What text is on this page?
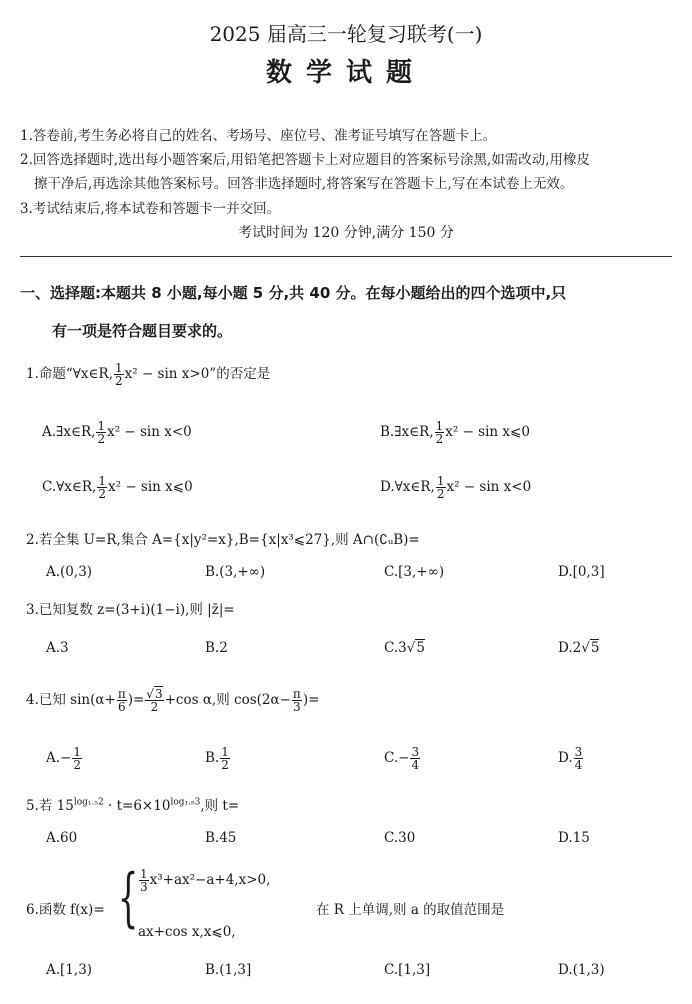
2025 届高三一轮复习联考(一)
数学试题
1.答卷前,考生务必将自己的姓名、考场号、座位号、准考证号填写在答题卡上。
2.回答选择题时,选出每小题答案后,用铅笔把答题卡上对应题目的答案标号涂黑,如需改动,用橡皮
擦干净后,再选涂其他答案标号。回答非选择题时,将答案写在答题卡上,写在本试卷上无效。
3.考试结束后,将本试卷和答题卡一并交回。
考试时间为 120 分钟,满分 150 分
一、选择题:本题共 8 小题,每小题 5 分,共 40 分。在每小题给出的四个选项中,只
有一项是符合题目要求的。
1.命题“∀x∈R, $\frac{1}{2} x^2 - \sin x>0$”的否定是
A.∃x∈R, $\frac{1}{2} x^2 - \sin x<0$	B.∃x∈R, $\frac{1}{2} x^2 - \sin$ x⩽0
C.∀x∈R, $\frac{1}{2} x^2 - \sin$ x⩽0	D.∀x∈R, $\frac{1}{2} x^2 - \sin x<0$
2.若全集 U=R,集合 A={x|y²=x},B={x|x³⩽27},则 A∩(∁ᵤB)=
A.(0,3)	B.(3,+∞)	C.[3,+∞)	D.[0,3]
3.已知复数 z=(3+i)(1−i),则 |z̄|=
A.3	B.2	C.3√5	D.2√5
4.已知 $\sin(\alpha+ \frac{\pi}{6}$ )= $\frac{√3}{2} +\cos$ α,则 $\cos(2\alpha- \frac{\pi}{3}$ )=
$A.- \frac{1}{2}$	B. $\frac{1}{2}$	$C.- \frac{3}{4}$	D. $\frac{3}{4}$
5.若 $15^{log_1._52} \cdot t=6\times 10^{log_1._53}$,则 t=
A.60	B.45	C.30	D.15
6.函数 f(x)= { $\frac{1}{3} x^3+ax^2-a+4,x>0$,
ax+cos x,x⩽0,
在 R 上单调,则 a 的取值范围是
A.[1,3)	B.(1,3]	C.[1,3]	D.(1,3)
